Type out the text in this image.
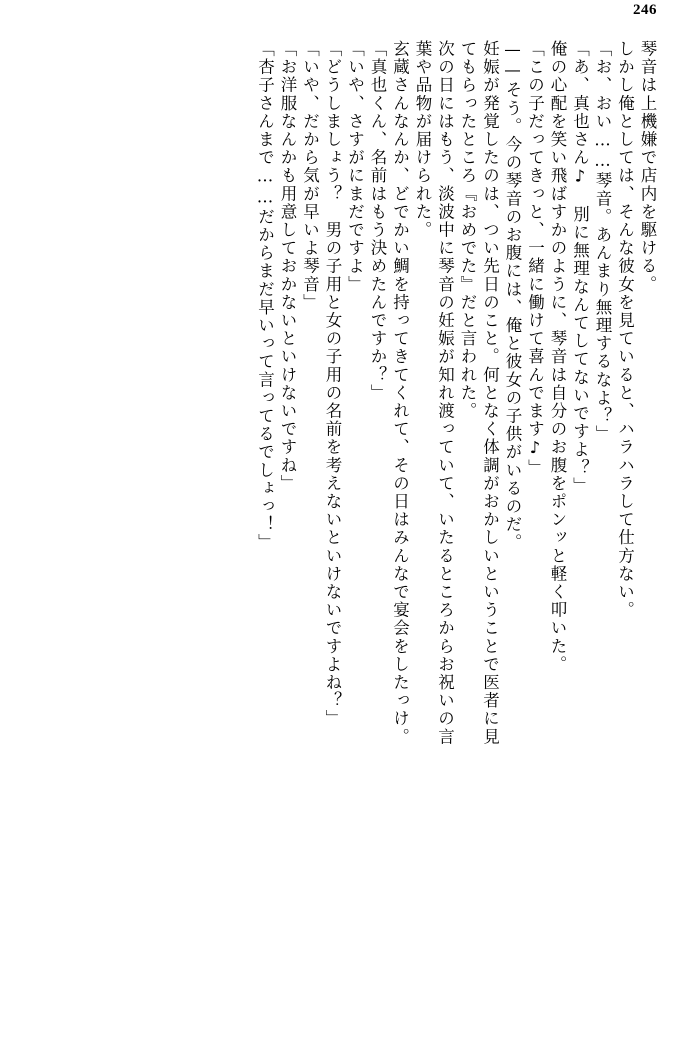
246
琴音は上機嫌で店内を駆ける。
しかし俺としては、そんな彼女を見ていると、ハラハラして仕方ない。
「お、おい……琴音。あんまり無理するなよ？」
「あ、真也さん♪　別に無理なんてしてないですよ？」
俺の心配を笑い飛ばすかのように、琴音は自分のお腹をポンッと軽く叩いた。
「この子だってきっと、一緒に働けて喜んでます♪」
——そう。今の琴音のお腹には、俺と彼女の子供がいるのだ。
妊娠が発覚したのは、つい先日のこと。何となく体調がおかしいということで医者に見
てもらったところ『おめでた』だと言われた。
次の日にはもう、淡波中に琴音の妊娠が知れ渡っていて、いたるところからお祝いの言
葉や品物が届けられた。
玄蔵さんなんか、どでかい鯛を持ってきてくれて、その日はみんなで宴会をしたっけ。
「真也くん、名前はもう決めたんですか？」
「いや、さすがにまだですよ」
「どうしましょう？　男の子用と女の子用の名前を考えないといけないですよね？」
「いや、だから気が早いよ琴音」
「お洋服なんかも用意しておかないといけないですね」
「杏子さんまで……だからまだ早いって言ってるでしょっ！」
